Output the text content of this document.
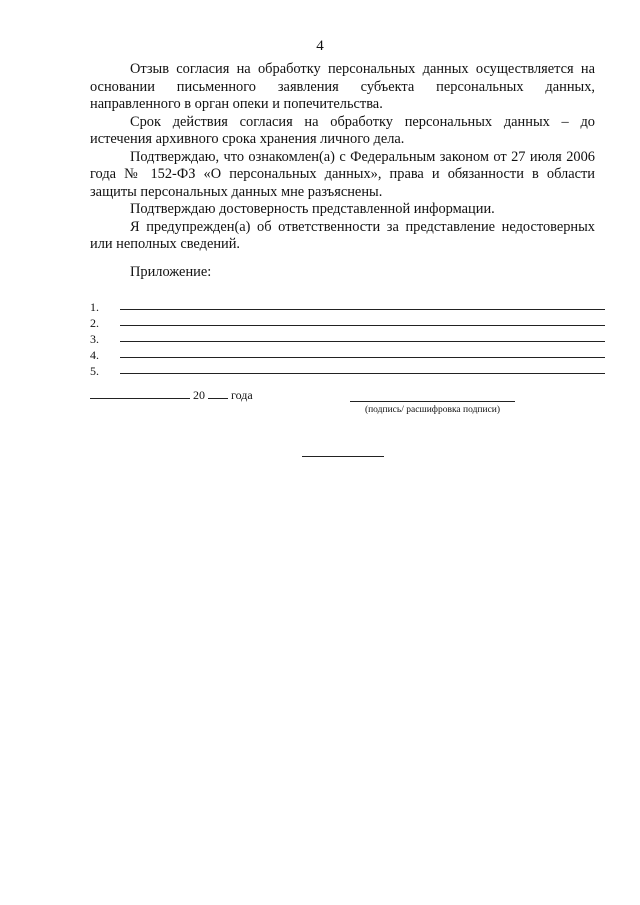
4

Отзыв согласия на обработку персональных данных осуществляется на основании письменного заявления субъекта персональных данных, направленного в орган опеки и попечительства.

Срок действия согласия на обработку персональных данных – до истечения архивного срока хранения личного дела.

Подтверждаю, что ознакомлен(а) с Федеральным законом от 27 июля 2006 года № 152-ФЗ «О персональных данных», права и обязанности в области защиты персональных данных мне разъяснены.

Подтверждаю достоверность представленной информации.

Я предупрежден(а) об ответственности за представление недостоверных или неполных сведений.

Приложение:
1.
2.
3.
4.
5.
20 года
(подпись/ расшифровка подписи)
